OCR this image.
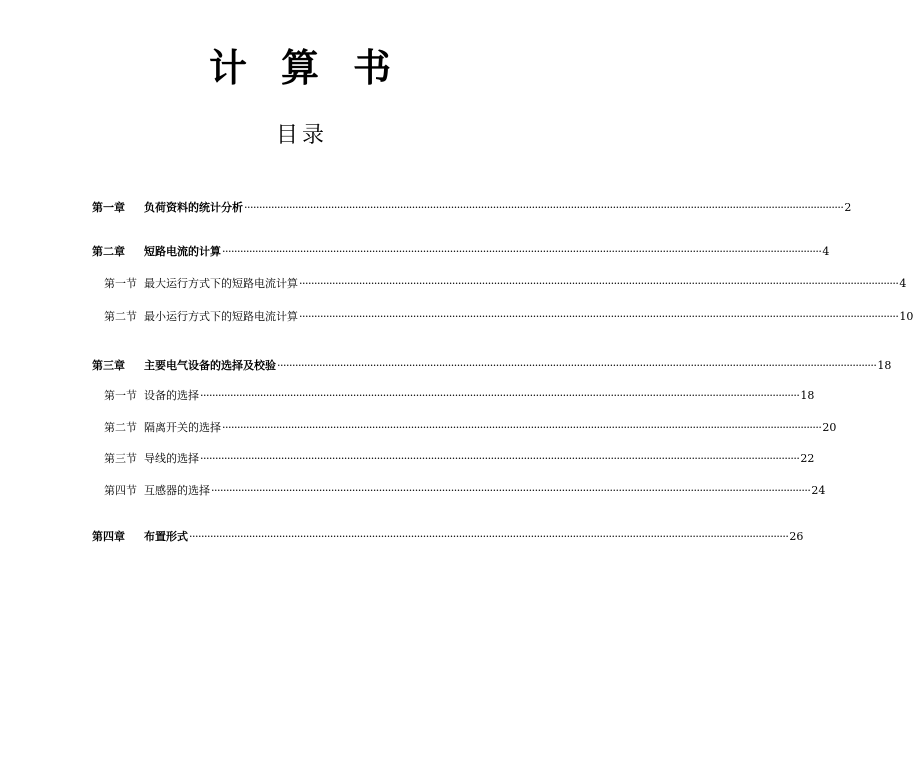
计算书
目录
第一章	负荷资料的统计分析 ········································································································································································································ 2
第二章	短路电流的计算 ········································································································································································································ 4
第一节 最大运行方式下的短路电流计算 ········································································································································································································ 4
第二节 最小运行方式下的短路电流计算 ········································································································································································································ 10
第三章	主要电气设备的选择及校验 ········································································································································································································ 18
第一节 设备的选择 ········································································································································································································ 18
第二节 隔离开关的选择 ········································································································································································································ 20
第三节 导线的选择 ········································································································································································································ 22
第四节 互感器的选择 ········································································································································································································ 24
第四章	布置形式 ········································································································································································································ 26
